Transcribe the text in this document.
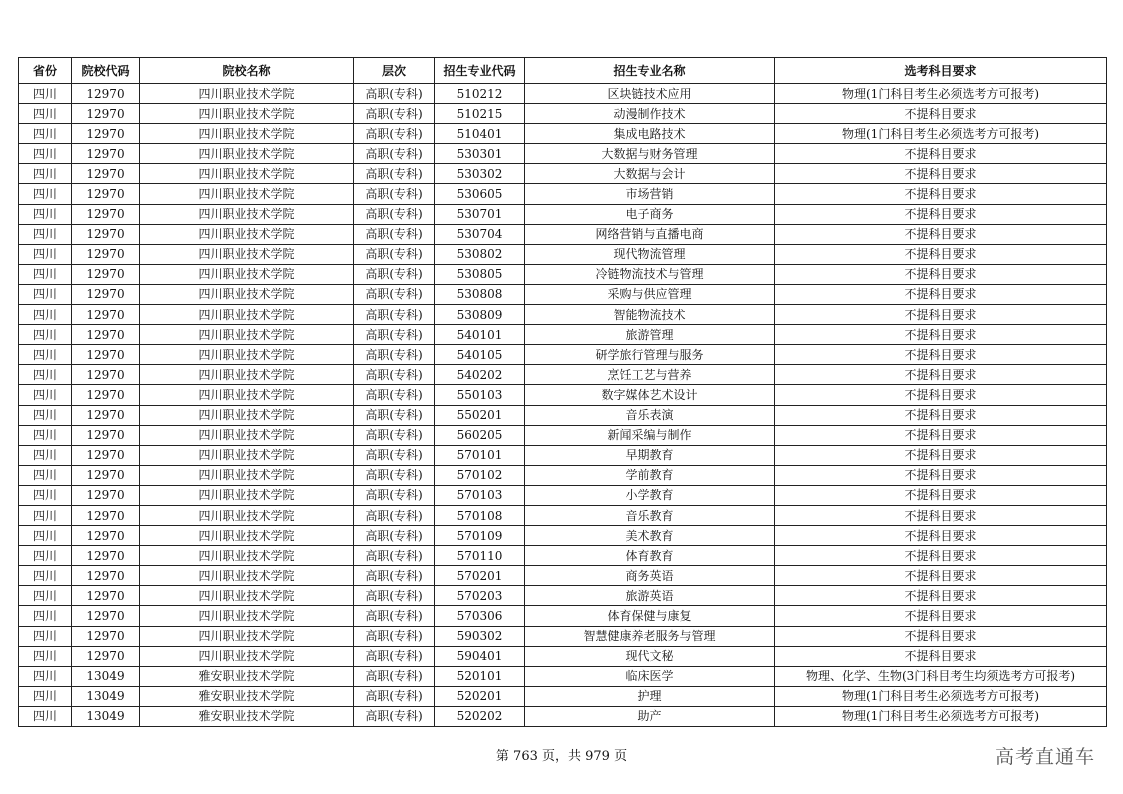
省份	院校代码	院校名称	层次	招生专业代码	招生专业名称	选考科目要求
四川	12970	四川职业技术学院	高职(专科)	510212	区块链技术应用	物理(1门科目考生必须选考方可报考)
四川	12970	四川职业技术学院	高职(专科)	510215	动漫制作技术	不提科目要求
四川	12970	四川职业技术学院	高职(专科)	510401	集成电路技术	物理(1门科目考生必须选考方可报考)
四川	12970	四川职业技术学院	高职(专科)	530301	大数据与财务管理	不提科目要求
四川	12970	四川职业技术学院	高职(专科)	530302	大数据与会计	不提科目要求
四川	12970	四川职业技术学院	高职(专科)	530605	市场营销	不提科目要求
四川	12970	四川职业技术学院	高职(专科)	530701	电子商务	不提科目要求
四川	12970	四川职业技术学院	高职(专科)	530704	网络营销与直播电商	不提科目要求
四川	12970	四川职业技术学院	高职(专科)	530802	现代物流管理	不提科目要求
四川	12970	四川职业技术学院	高职(专科)	530805	冷链物流技术与管理	不提科目要求
四川	12970	四川职业技术学院	高职(专科)	530808	采购与供应管理	不提科目要求
四川	12970	四川职业技术学院	高职(专科)	530809	智能物流技术	不提科目要求
四川	12970	四川职业技术学院	高职(专科)	540101	旅游管理	不提科目要求
四川	12970	四川职业技术学院	高职(专科)	540105	研学旅行管理与服务	不提科目要求
四川	12970	四川职业技术学院	高职(专科)	540202	烹饪工艺与营养	不提科目要求
四川	12970	四川职业技术学院	高职(专科)	550103	数字媒体艺术设计	不提科目要求
四川	12970	四川职业技术学院	高职(专科)	550201	音乐表演	不提科目要求
四川	12970	四川职业技术学院	高职(专科)	560205	新闻采编与制作	不提科目要求
四川	12970	四川职业技术学院	高职(专科)	570101	早期教育	不提科目要求
四川	12970	四川职业技术学院	高职(专科)	570102	学前教育	不提科目要求
四川	12970	四川职业技术学院	高职(专科)	570103	小学教育	不提科目要求
四川	12970	四川职业技术学院	高职(专科)	570108	音乐教育	不提科目要求
四川	12970	四川职业技术学院	高职(专科)	570109	美术教育	不提科目要求
四川	12970	四川职业技术学院	高职(专科)	570110	体育教育	不提科目要求
四川	12970	四川职业技术学院	高职(专科)	570201	商务英语	不提科目要求
四川	12970	四川职业技术学院	高职(专科)	570203	旅游英语	不提科目要求
四川	12970	四川职业技术学院	高职(专科)	570306	体育保健与康复	不提科目要求
四川	12970	四川职业技术学院	高职(专科)	590302	智慧健康养老服务与管理	不提科目要求
四川	12970	四川职业技术学院	高职(专科)	590401	现代文秘	不提科目要求
四川	13049	雅安职业技术学院	高职(专科)	520101	临床医学	物理、化学、生物(3门科目考生均须选考方可报考)
四川	13049	雅安职业技术学院	高职(专科)	520201	护理	物理(1门科目考生必须选考方可报考)
四川	13049	雅安职业技术学院	高职(专科)	520202	助产	物理(1门科目考生必须选考方可报考)
第 763 页，共 979 页	高考直通车
